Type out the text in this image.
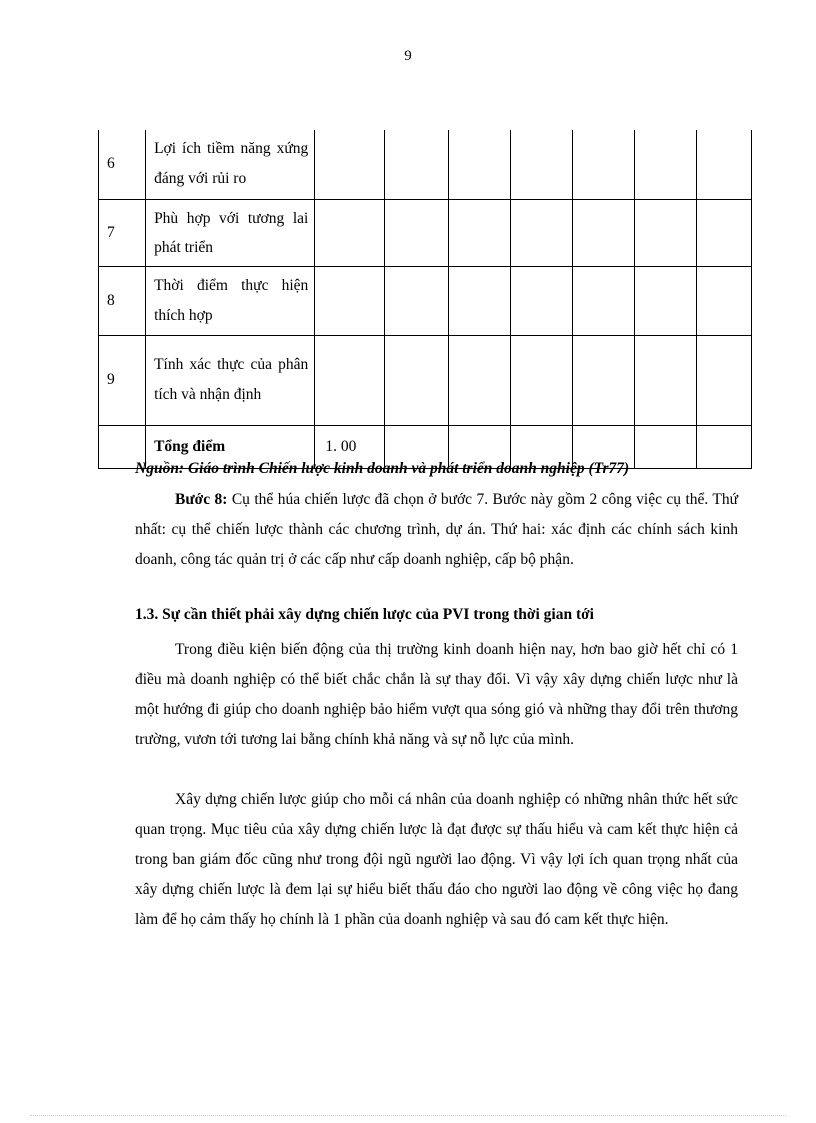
9
6	Lợi ích tiềm năng xứng đáng với rủi ro							
7	Phù hợp với tương lai phát triển							
8	Thời điểm thực hiện thích hợp							
9	Tính xác thực của phân tích và nhận định							
	Tổng điểm	1. 00						
Nguồn: Giáo trình Chiến lược kinh doanh và phát triển doanh nghiệp (Tr77)

Bước 8: Cụ thể húa chiến lược đã chọn ở bước 7. Bước này gồm 2 công việc cụ thể. Thứ nhất: cụ thể chiến lược thành các chương trình, dự án. Thứ hai: xác định các chính sách kinh doanh, công tác quản trị ở các cấp như cấp doanh nghiệp, cấp bộ phận.

1.3. Sự cần thiết phải xây dựng chiến lược của PVI trong thời gian tới

Trong điều kiện biến động của thị trường kinh doanh hiện nay, hơn bao giờ hết chỉ có 1 điều mà doanh nghiệp có thể biết chắc chắn là sự thay đổi. Vì vậy xây dựng chiến lược như là một hướng đi giúp cho doanh nghiệp bảo hiểm vượt qua sóng gió và những thay đổi trên thương trường, vươn tới tương lai bằng chính khả năng và sự nỗ lực của mình.

Xây dựng chiến lược giúp cho mỗi cá nhân của doanh nghiệp có những nhân thức hết sức quan trọng. Mục tiêu của xây dựng chiến lược là đạt được sự thấu hiểu và cam kết thực hiện cả trong ban giám đốc cũng như trong đội ngũ người lao động. Vì vậy lợi ích quan trọng nhất của xây dựng chiến lược là đem lại sự hiểu biết thấu đáo cho người lao động về công việc họ đang làm để họ cảm thấy họ chính là 1 phần của doanh nghiệp và sau đó cam kết thực hiện.
